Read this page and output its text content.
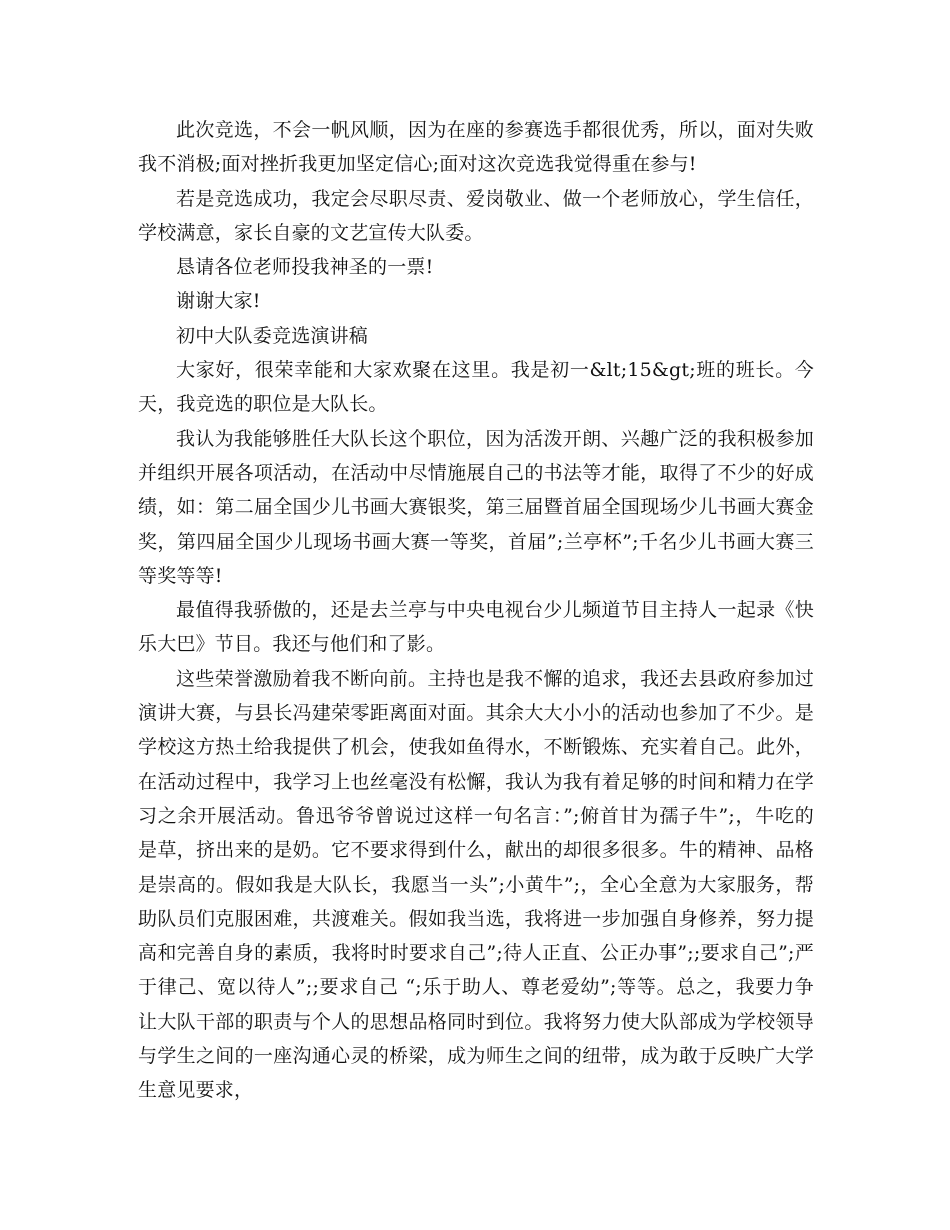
此次竞选，不会一帆风顺，因为在座的参赛选手都很优秀，所以，面对失败我不消极;面对挫折我更加坚定信心;面对这次竞选我觉得重在参与!

若是竞选成功，我定会尽职尽责、爱岗敬业、做一个老师放心，学生信任，学校满意，家长自豪的文艺宣传大队委。

恳请各位老师投我神圣的一票!

谢谢大家!

初中大队委竞选演讲稿

大家好，很荣幸能和大家欢聚在这里。我是初一&lt;15&gt;班的班长。今天，我竞选的职位是大队长。

我认为我能够胜任大队长这个职位，因为活泼开朗、兴趣广泛的我积极参加并组织开展各项活动，在活动中尽情施展自己的书法等才能，取得了不少的好成绩，如：第二届全国少儿书画大赛银奖，第三届暨首届全国现场少儿书画大赛金奖，第四届全国少儿现场书画大赛一等奖，首届”;兰亭杯”;千名少儿书画大赛三等奖等等!

最值得我骄傲的，还是去兰亭与中央电视台少儿频道节目主持人一起录《快乐大巴》节目。我还与他们和了影。

这些荣誉激励着我不断向前。主持也是我不懈的追求，我还去县政府参加过演讲大赛，与县长冯建荣零距离面对面。其余大大小小的活动也参加了不少。是学校这方热土给我提供了机会，使我如鱼得水，不断锻炼、充实着自己。此外，在活动过程中，我学习上也丝毫没有松懈，我认为我有着足够的时间和精力在学习之余开展活动。鲁迅爷爷曾说过这样一句名言：”;俯首甘为孺子牛”;，牛吃的是草，挤出来的是奶。它不要求得到什么，献出的却很多很多。牛的精神、品格是崇高的。假如我是大队长，我愿当一头”;小黄牛”;，全心全意为大家服务，帮助队员们克服困难，共渡难关。假如我当选，我将进一步加强自身修养，努力提高和完善自身的素质，我将时时要求自己”;待人正直、公正办事”;;要求自己”;严于律己、宽以待人”;;要求自己 “;乐于助人、尊老爱幼”;等等。总之，我要力争让大队干部的职责与个人的思想品格同时到位。我将努力使大队部成为学校领导与学生之间的一座沟通心灵的桥梁，成为师生之间的纽带，成为敢于反映广大学生意见要求，
